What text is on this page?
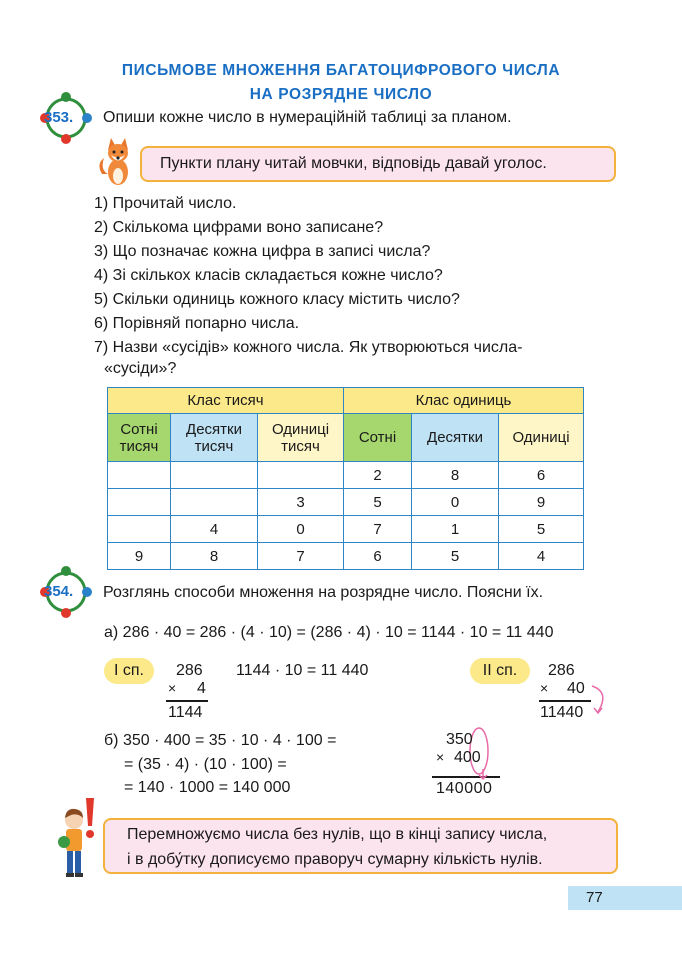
ПИСЬМОВЕ МНОЖЕННЯ БАГАТОЦИФРОВОГО ЧИСЛА
НА РОЗРЯДНЕ ЧИСЛО
353. Опиши кожне число в нумераційній таблиці за планом.
Пункти плану читай мовчки, відповідь давай уголос.
1) Прочитай число.
2) Скількома цифрами воно записане?
3) Що позначає кожна цифра в записі числа?
4) Зі скількох класів складається кожне число?
5) Скільки одиниць кожного класу містить число?
6) Порівняй попарно числа.
7) Назви «сусідів» кожного числа. Як утворюються числа-
«сусіди»?
Клас тисяч			Клас одиниць		
Сотні тисяч	Десятки тисяч	Одиниці тисяч	Сотні	Десятки	Одиниці
			2	8	6
		3	5	0	9
	4	0	7	1	5
9	8	7	6	5	4
354. Розглянь способи множення на розрядне число. Поясни їх.
а) 286 · 40 = 286 · (4 · 10) = (286 · 4) · 10 = 1144 · 10 = 11 440
I сп.	286
× 4
1144
1144 · 10 = 11 440	II сп.	286
× 40
11440
б) 350 · 400 = 35 · 10 · 4 · 100 =
= (35 · 4) · (10 · 100) =
= 140 · 1000 = 140 000
350
× 400
140000
Перемножуємо числа без нулів, що в кінці запису числа,
і в добу́тку дописуємо праворуч сумарну кількість нулів.
77
